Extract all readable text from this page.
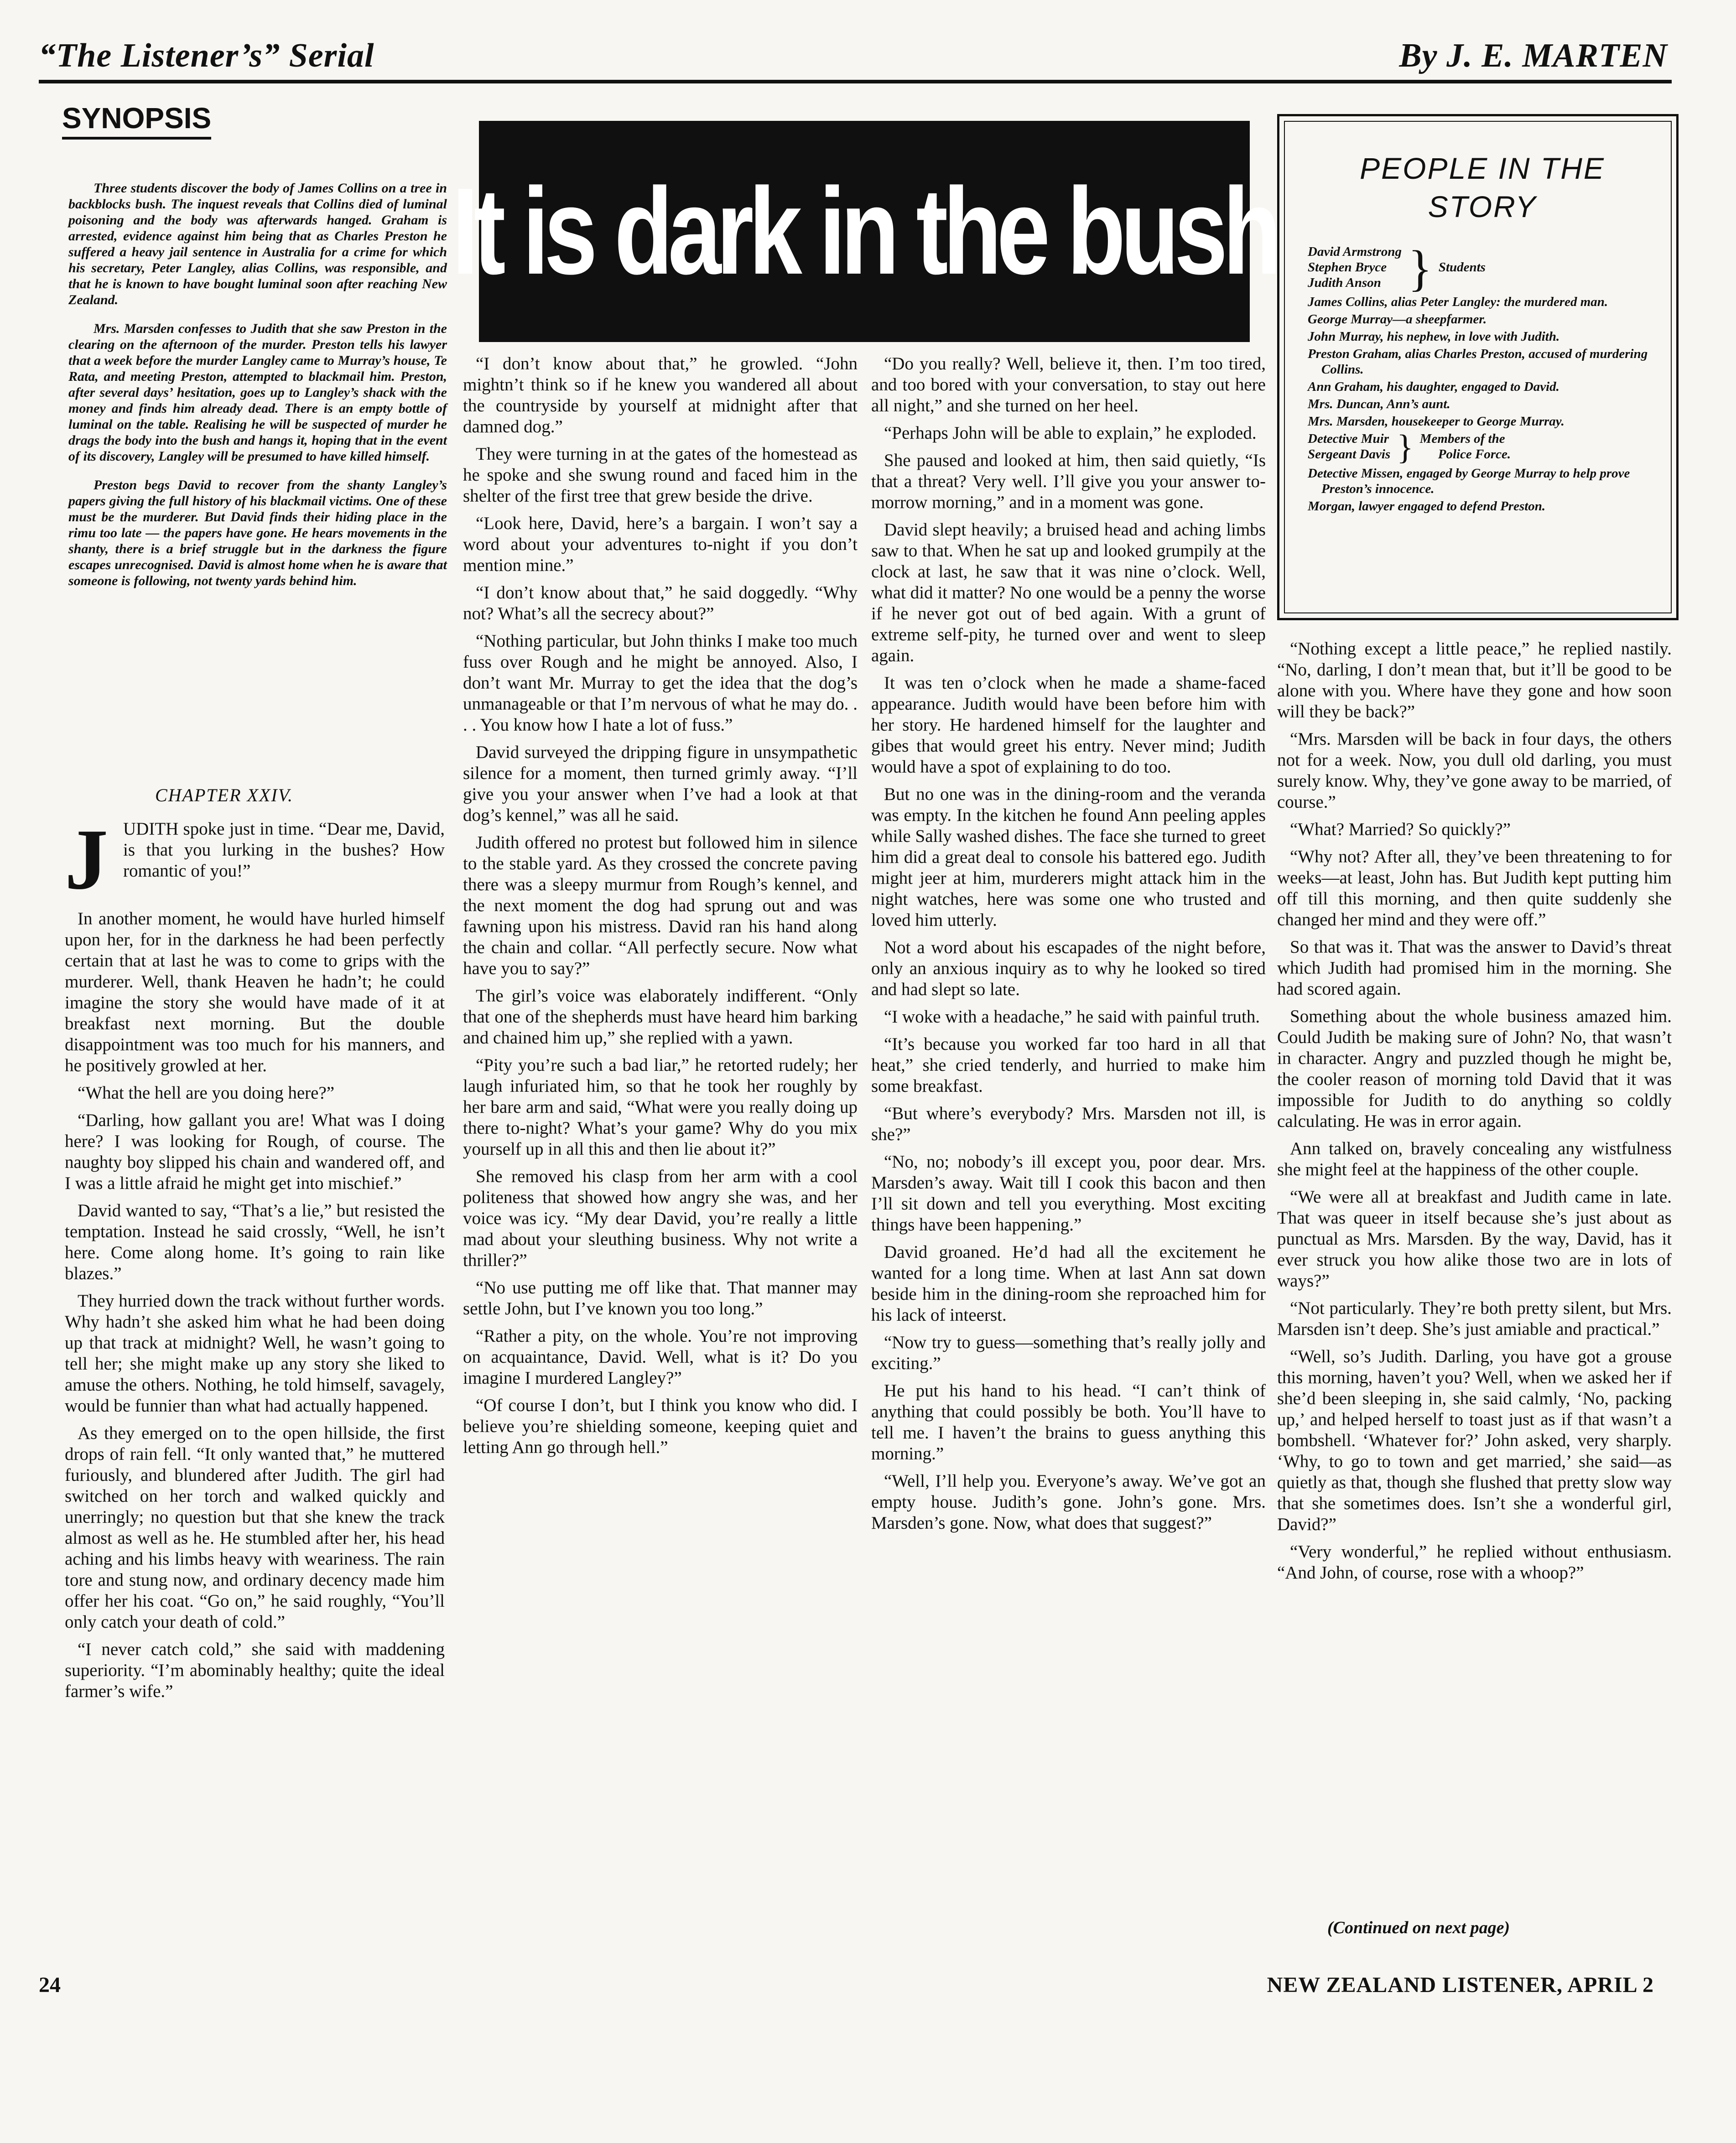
“The Listener’s” Serial	By J. E. MARTEN
SYNOPSIS

Three students discover the body of James Collins on a tree in backblocks bush. The inquest reveals that Collins died of luminal poisoning and the body was afterwards hanged. Graham is arrested, evidence against him being that as Charles Preston he suffered a heavy jail sentence in Australia for a crime for which his secretary, Peter Langley, alias Collins, was responsible, and that he is known to have bought luminal soon after reaching New Zealand.

Mrs. Marsden confesses to Judith that she saw Preston in the clearing on the afternoon of the murder. Preston tells his lawyer that a week before the murder Langley came to Murray’s house, Te Rata, and meeting Preston, attempted to blackmail him. Preston, after several days’ hesitation, goes up to Langley’s shack with the money and finds him already dead. There is an empty bottle of luminal on the table. Realising he will be suspected of murder he drags the body into the bush and hangs it, hoping that in the event of its discovery, Langley will be presumed to have killed himself.

Preston begs David to recover from the shanty Langley’s papers giving the full history of his blackmail victims. One of these must be the murderer. But David finds their hiding place in the rimu too late — the papers have gone. He hears movements in the shanty, there is a brief struggle but in the darkness the figure escapes unrecognised. David is almost home when he is aware that someone is following, not twenty yards behind him.

It is dark in the bush	PEOPLE IN THE
STORY
David Armstrong
Stephen Bryce
Judith Anson } Students
James Collins, alias Peter Langley: the murdered man.
George Murray—a sheepfarmer.
John Murray, his nephew, in love with Judith.
Preston Graham, alias Charles Preston, accused of murdering Collins.
Ann Graham, his daughter, engaged to David.
Mrs. Duncan, Ann’s aunt.
Mrs. Marsden, housekeeper to George Murray.
Detective Muir
Sergeant Davis } Members of the
Police Force.
Detective Missen, engaged by George Murray to help prove Preston’s innocence.
Morgan, lawyer engaged to defend Preston.
CHAPTER XXIV.
J UDITH spoke just in time. “Dear me, David, is that you lurking in the bushes? How romantic of you!”

In another moment, he would have hurled himself upon her, for in the darkness he had been perfectly certain that at last he was to come to grips with the murderer. Well, thank Heaven he hadn’t; he could imagine the story she would have made of it at breakfast next morning. But the double disappointment was too much for his manners, and he positively growled at her.

“What the hell are you doing here?”

“Darling, how gallant you are! What was I doing here? I was looking for Rough, of course. The naughty boy slipped his chain and wandered off, and I was a little afraid he might get into mischief.”

David wanted to say, “That’s a lie,” but resisted the temptation. Instead he said crossly, “Well, he isn’t here. Come along home. It’s going to rain like blazes.”

They hurried down the track without further words. Why hadn’t she asked him what he had been doing up that track at midnight? Well, he wasn’t going to tell her; she might make up any story she liked to amuse the others. Nothing, he told himself, savagely, would be funnier than what had actually happened.

As they emerged on to the open hillside, the first drops of rain fell. “It only wanted that,” he muttered furiously, and blundered after Judith. The girl had switched on her torch and walked quickly and unerringly; no question but that she knew the track almost as well as he. He stumbled after her, his head aching and his limbs heavy with weariness. The rain tore and stung now, and ordinary decency made him offer her his coat. “Go on,” he said roughly, “You’ll only catch your death of cold.”

“I never catch cold,” she said with maddening superiority. “I’m abominably healthy; quite the ideal farmer’s wife.”

“I don’t know about that,” he growled. “John mightn’t think so if he knew you wandered all about the countryside by yourself at midnight after that damned dog.”

They were turning in at the gates of the homestead as he spoke and she swung round and faced him in the shelter of the first tree that grew beside the drive.

“Look here, David, here’s a bargain. I won’t say a word about your adventures to-night if you don’t mention mine.”

“I don’t know about that,” he said doggedly. “Why not? What’s all the secrecy about?”

“Nothing particular, but John thinks I make too much fuss over Rough and he might be annoyed. Also, I don’t want Mr. Murray to get the idea that the dog’s unmanageable or that I’m nervous of what he may do. . . . You know how I hate a lot of fuss.”

David surveyed the dripping figure in unsympathetic silence for a moment, then turned grimly away. “I’ll give you your answer when I’ve had a look at that dog’s kennel,” was all he said.

Judith offered no protest but followed him in silence to the stable yard. As they crossed the concrete paving there was a sleepy murmur from Rough’s kennel, and the next moment the dog had sprung out and was fawning upon his mistress. David ran his hand along the chain and collar. “All perfectly secure. Now what have you to say?”

The girl’s voice was elaborately indifferent. “Only that one of the shepherds must have heard him barking and chained him up,” she replied with a yawn.

“Pity you’re such a bad liar,” he retorted rudely; her laugh infuriated him, so that he took her roughly by her bare arm and said, “What were you really doing up there to-night? What’s your game? Why do you mix yourself up in all this and then lie about it?”

She removed his clasp from her arm with a cool politeness that showed how angry she was, and her voice was icy. “My dear David, you’re really a little mad about your sleuthing business. Why not write a thriller?”

“No use putting me off like that. That manner may settle John, but I’ve known you too long.”

“Rather a pity, on the whole. You’re not improving on acquaintance, David. Well, what is it? Do you imagine I murdered Langley?”

“Of course I don’t, but I think you know who did. I believe you’re shielding someone, keeping quiet and letting Ann go through hell.”

“Do you really? Well, believe it, then. I’m too tired, and too bored with your conversation, to stay out here all night,” and she turned on her heel.

“Perhaps John will be able to explain,” he exploded.

She paused and looked at him, then said quietly, “Is that a threat? Very well. I’ll give you your answer to-morrow morning,” and in a moment was gone.

David slept heavily; a bruised head and aching limbs saw to that. When he sat up and looked grumpily at the clock at last, he saw that it was nine o’clock. Well, what did it matter? No one would be a penny the worse if he never got out of bed again. With a grunt of extreme self-pity, he turned over and went to sleep again.

It was ten o’clock when he made a shame-faced appearance. Judith would have been before him with her story. He hardened himself for the laughter and gibes that would greet his entry. Never mind; Judith would have a spot of explaining to do too.

But no one was in the dining-room and the veranda was empty. In the kitchen he found Ann peeling apples while Sally washed dishes. The face she turned to greet him did a great deal to console his battered ego. Judith might jeer at him, murderers might attack him in the night watches, here was some one who trusted and loved him utterly.

Not a word about his escapades of the night before, only an anxious inquiry as to why he looked so tired and had slept so late.

“I woke with a headache,” he said with painful truth.

“It’s because you worked far too hard in all that heat,” she cried tenderly, and hurried to make him some breakfast.

“But where’s everybody? Mrs. Marsden not ill, is she?”

“No, no; nobody’s ill except you, poor dear. Mrs. Marsden’s away. Wait till I cook this bacon and then I’ll sit down and tell you everything. Most exciting things have been happening.”

David groaned. He’d had all the excitement he wanted for a long time. When at last Ann sat down beside him in the dining-room she reproached him for his lack of inteerst.

“Now try to guess—something that’s really jolly and exciting.”

He put his hand to his head. “I can’t think of anything that could possibly be both. You’ll have to tell me. I haven’t the brains to guess anything this morning.”

“Well, I’ll help you. Everyone’s away. We’ve got an empty house. Judith’s gone. John’s gone. Mrs. Marsden’s gone. Now, what does that suggest?”

“Nothing except a little peace,” he replied nastily. “No, darling, I don’t mean that, but it’ll be good to be alone with you. Where have they gone and how soon will they be back?”

“Mrs. Marsden will be back in four days, the others not for a week. Now, you dull old darling, you must surely know. Why, they’ve gone away to be married, of course.”

“What? Married? So quickly?”

“Why not? After all, they’ve been threatening to for weeks—at least, John has. But Judith kept putting him off till this morning, and then quite suddenly she changed her mind and they were off.”

So that was it. That was the answer to David’s threat which Judith had promised him in the morning. She had scored again.

Something about the whole business amazed him. Could Judith be making sure of John? No, that wasn’t in character. Angry and puzzled though he might be, the cooler reason of morning told David that it was impossible for Judith to do anything so coldly calculating. He was in error again.

Ann talked on, bravely concealing any wistfulness she might feel at the happiness of the other couple.

“We were all at breakfast and Judith came in late. That was queer in itself because she’s just about as punctual as Mrs. Marsden. By the way, David, has it ever struck you how alike those two are in lots of ways?”

“Not particularly. They’re both pretty silent, but Mrs. Marsden isn’t deep. She’s just amiable and practical.”

“Well, so’s Judith. Darling, you have got a grouse this morning, haven’t you? Well, when we asked her if she’d been sleeping in, she said calmly, ‘No, packing up,’ and helped herself to toast just as if that wasn’t a bombshell. ‘Whatever for?’ John asked, very sharply. ‘Why, to go to town and get married,’ she said—as quietly as that, though she flushed that pretty slow way that she sometimes does. Isn’t she a wonderful girl, David?”

“Very wonderful,” he replied without enthusiasm. “And John, of course, rose with a whoop?”

(Continued on next page)
24	NEW ZEALAND LISTENER, APRIL 2
